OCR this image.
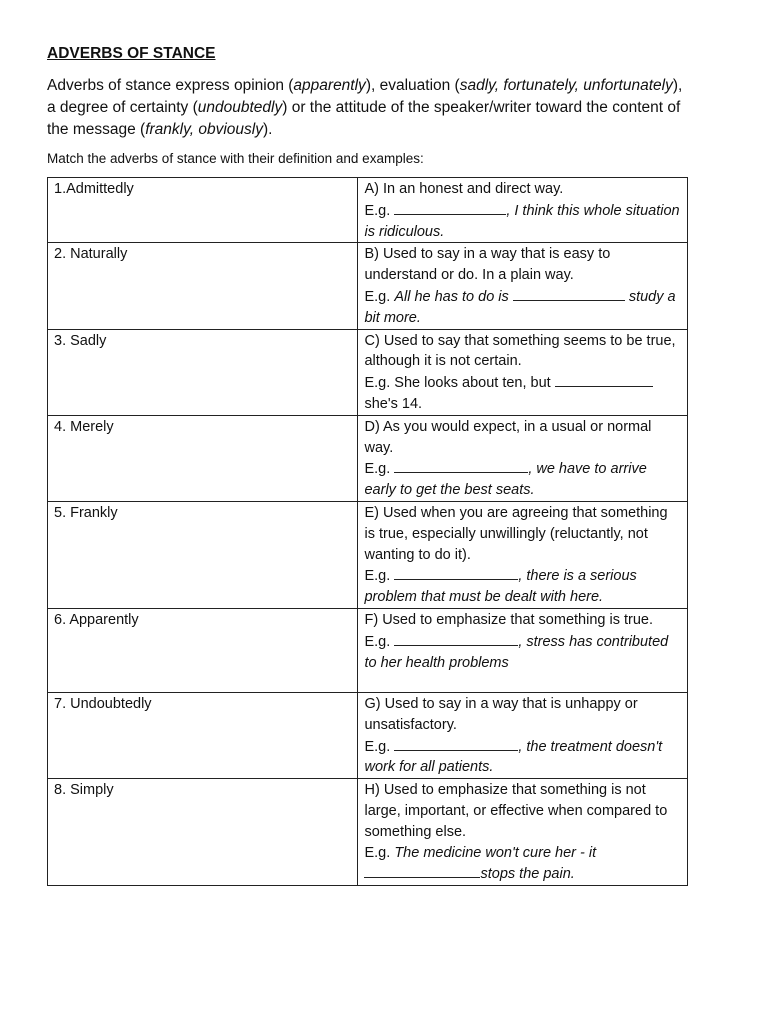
ADVERBS OF STANCE
Adverbs of stance express opinion (apparently), evaluation (sadly, fortunately, unfortunately), a degree of certainty (undoubtedly) or the attitude of the speaker/writer toward the content of the message (frankly, obviously).
Match the adverbs of stance with their definition and examples:
1.Admittedly	A) In an honest and direct way.
E.g. , I think this whole situation is ridiculous.

2. Naturally	B) Used to say in a way that is easy to understand or do. In a plain way.
E.g. All he has to do is study a bit more.

3. Sadly	C) Used to say that something seems to be true, although it is not certain.
E.g. She looks about ten, but she's 14.

4. Merely	D) As you would expect, in a usual or normal way.
E.g. , we have to arrive early to get the best seats.

5. Frankly	E) Used when you are agreeing that something is true, especially unwillingly (reluctantly, not wanting to do it).
E.g. , there is a serious problem that must be dealt with here.

6. Apparently	F) Used to emphasize that something is true.
E.g. , stress has contributed to her health problems

7. Undoubtedly	G) Used to say in a way that is unhappy or unsatisfactory.
E.g. , the treatment doesn't work for all patients.

8. Simply	H) Used to emphasize that something is not large, important, or effective when compared to something else.
E.g. The medicine won't cure her - it stops the pain.
